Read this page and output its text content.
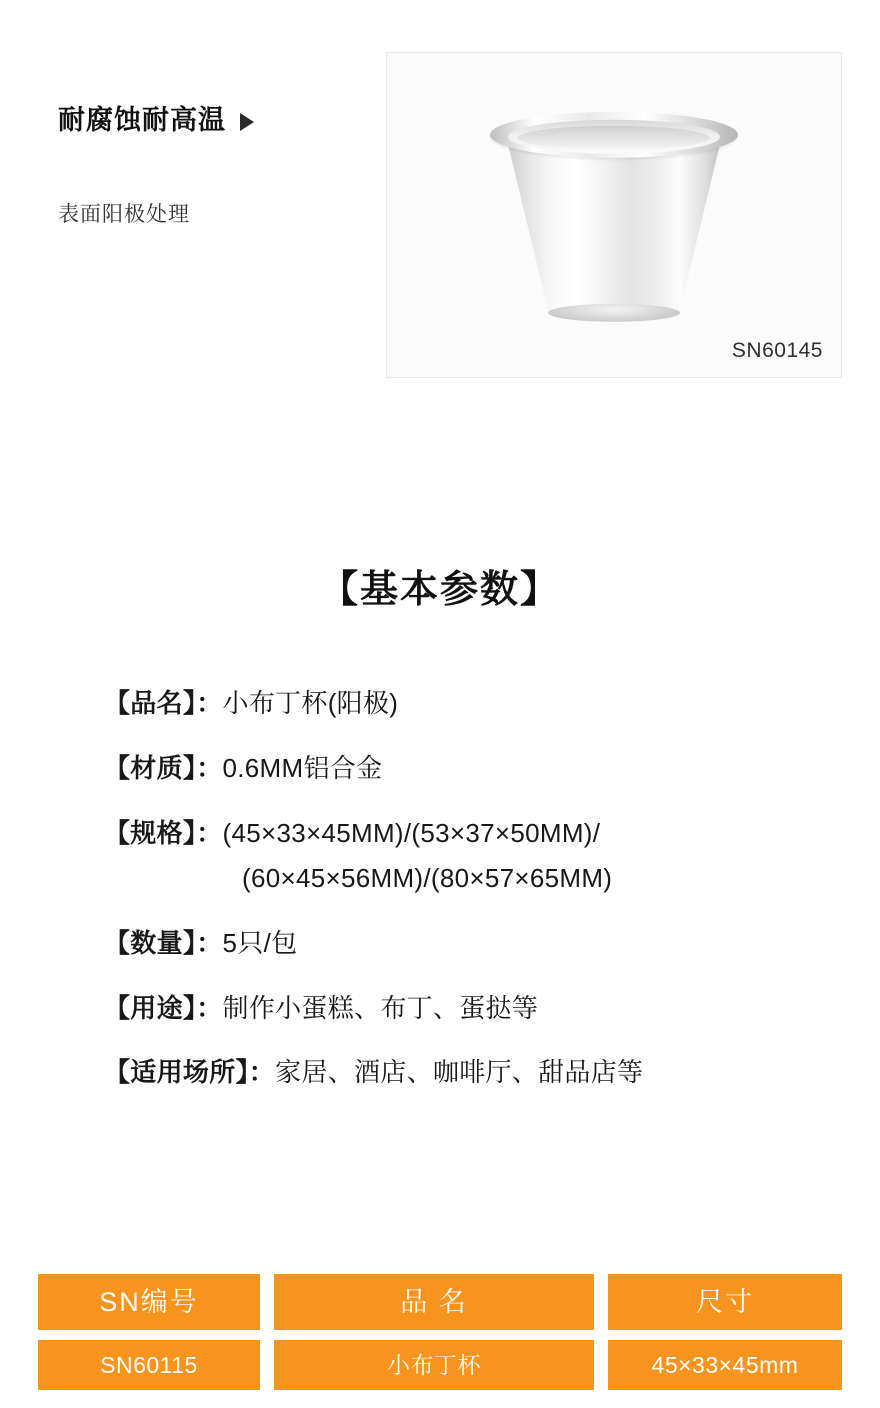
耐腐蚀耐高温
表面阳极处理
SN60145
【基本参数】
【品名】：小布丁杯(阳极)
【材质】：0.6MM铝合金
【规格】：(45×33×45MM)/(53×37×50MM)/
(60×45×56MM)/(80×57×65MM)
【数量】：5只/包
【用途】：制作小蛋糕、布丁、蛋挞等
【适用场所】：家居、酒店、咖啡厅、甜品店等
SN编号	品 名	尺寸
SN60115	小布丁杯	45×33×45mm
